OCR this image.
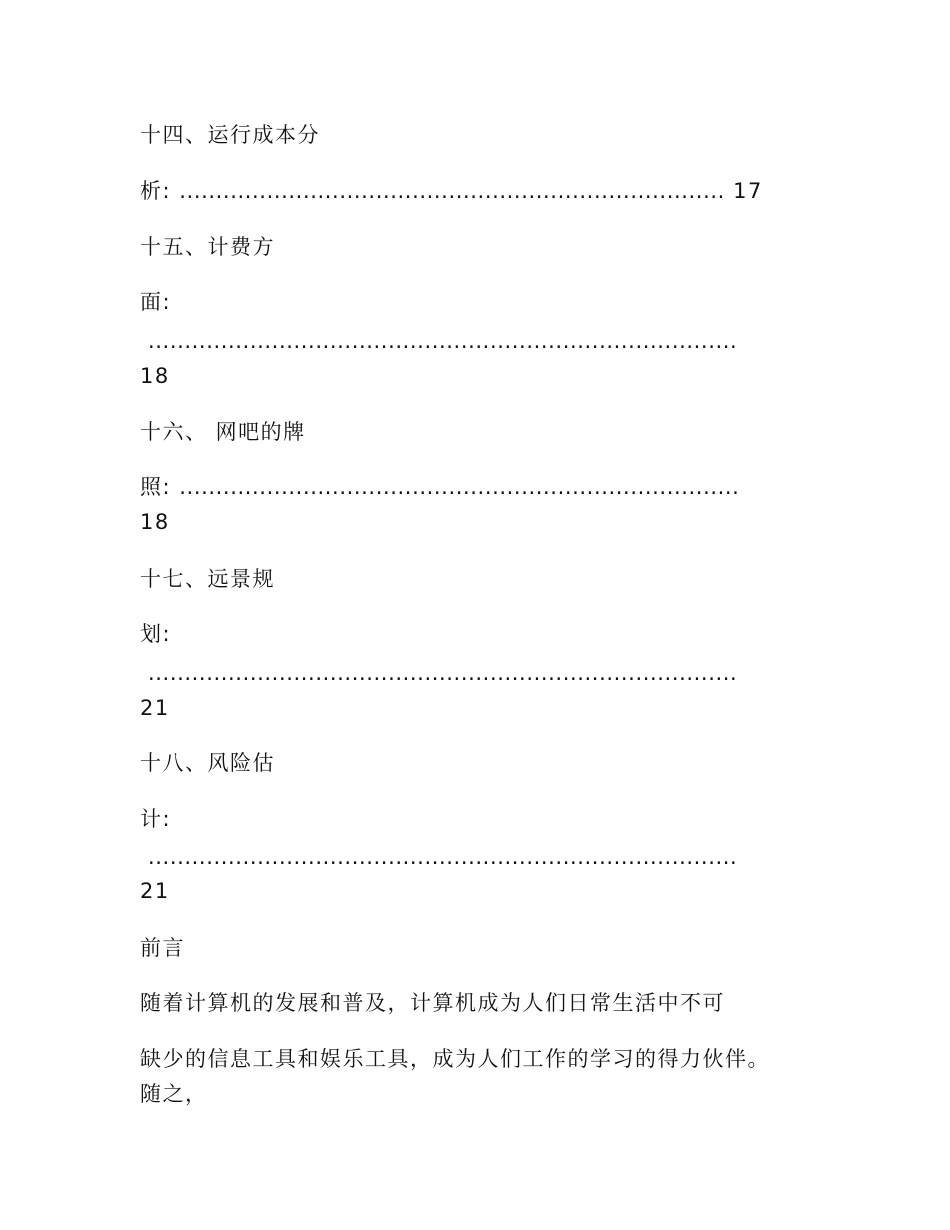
十四、运行成本分
析: ........................................................................... 17
十五、计费方
面:
.................................................................................
18
十六、 网吧的牌
照: .............................................................................
18
十七、远景规
划:
.................................................................................
21
十八、风险估
计:
.................................................................................
21
前言
随着计算机的发展和普及，计算机成为人们日常生活中不可
缺少的信息工具和娱乐工具，成为人们工作的学习的得力伙伴。
随之，
